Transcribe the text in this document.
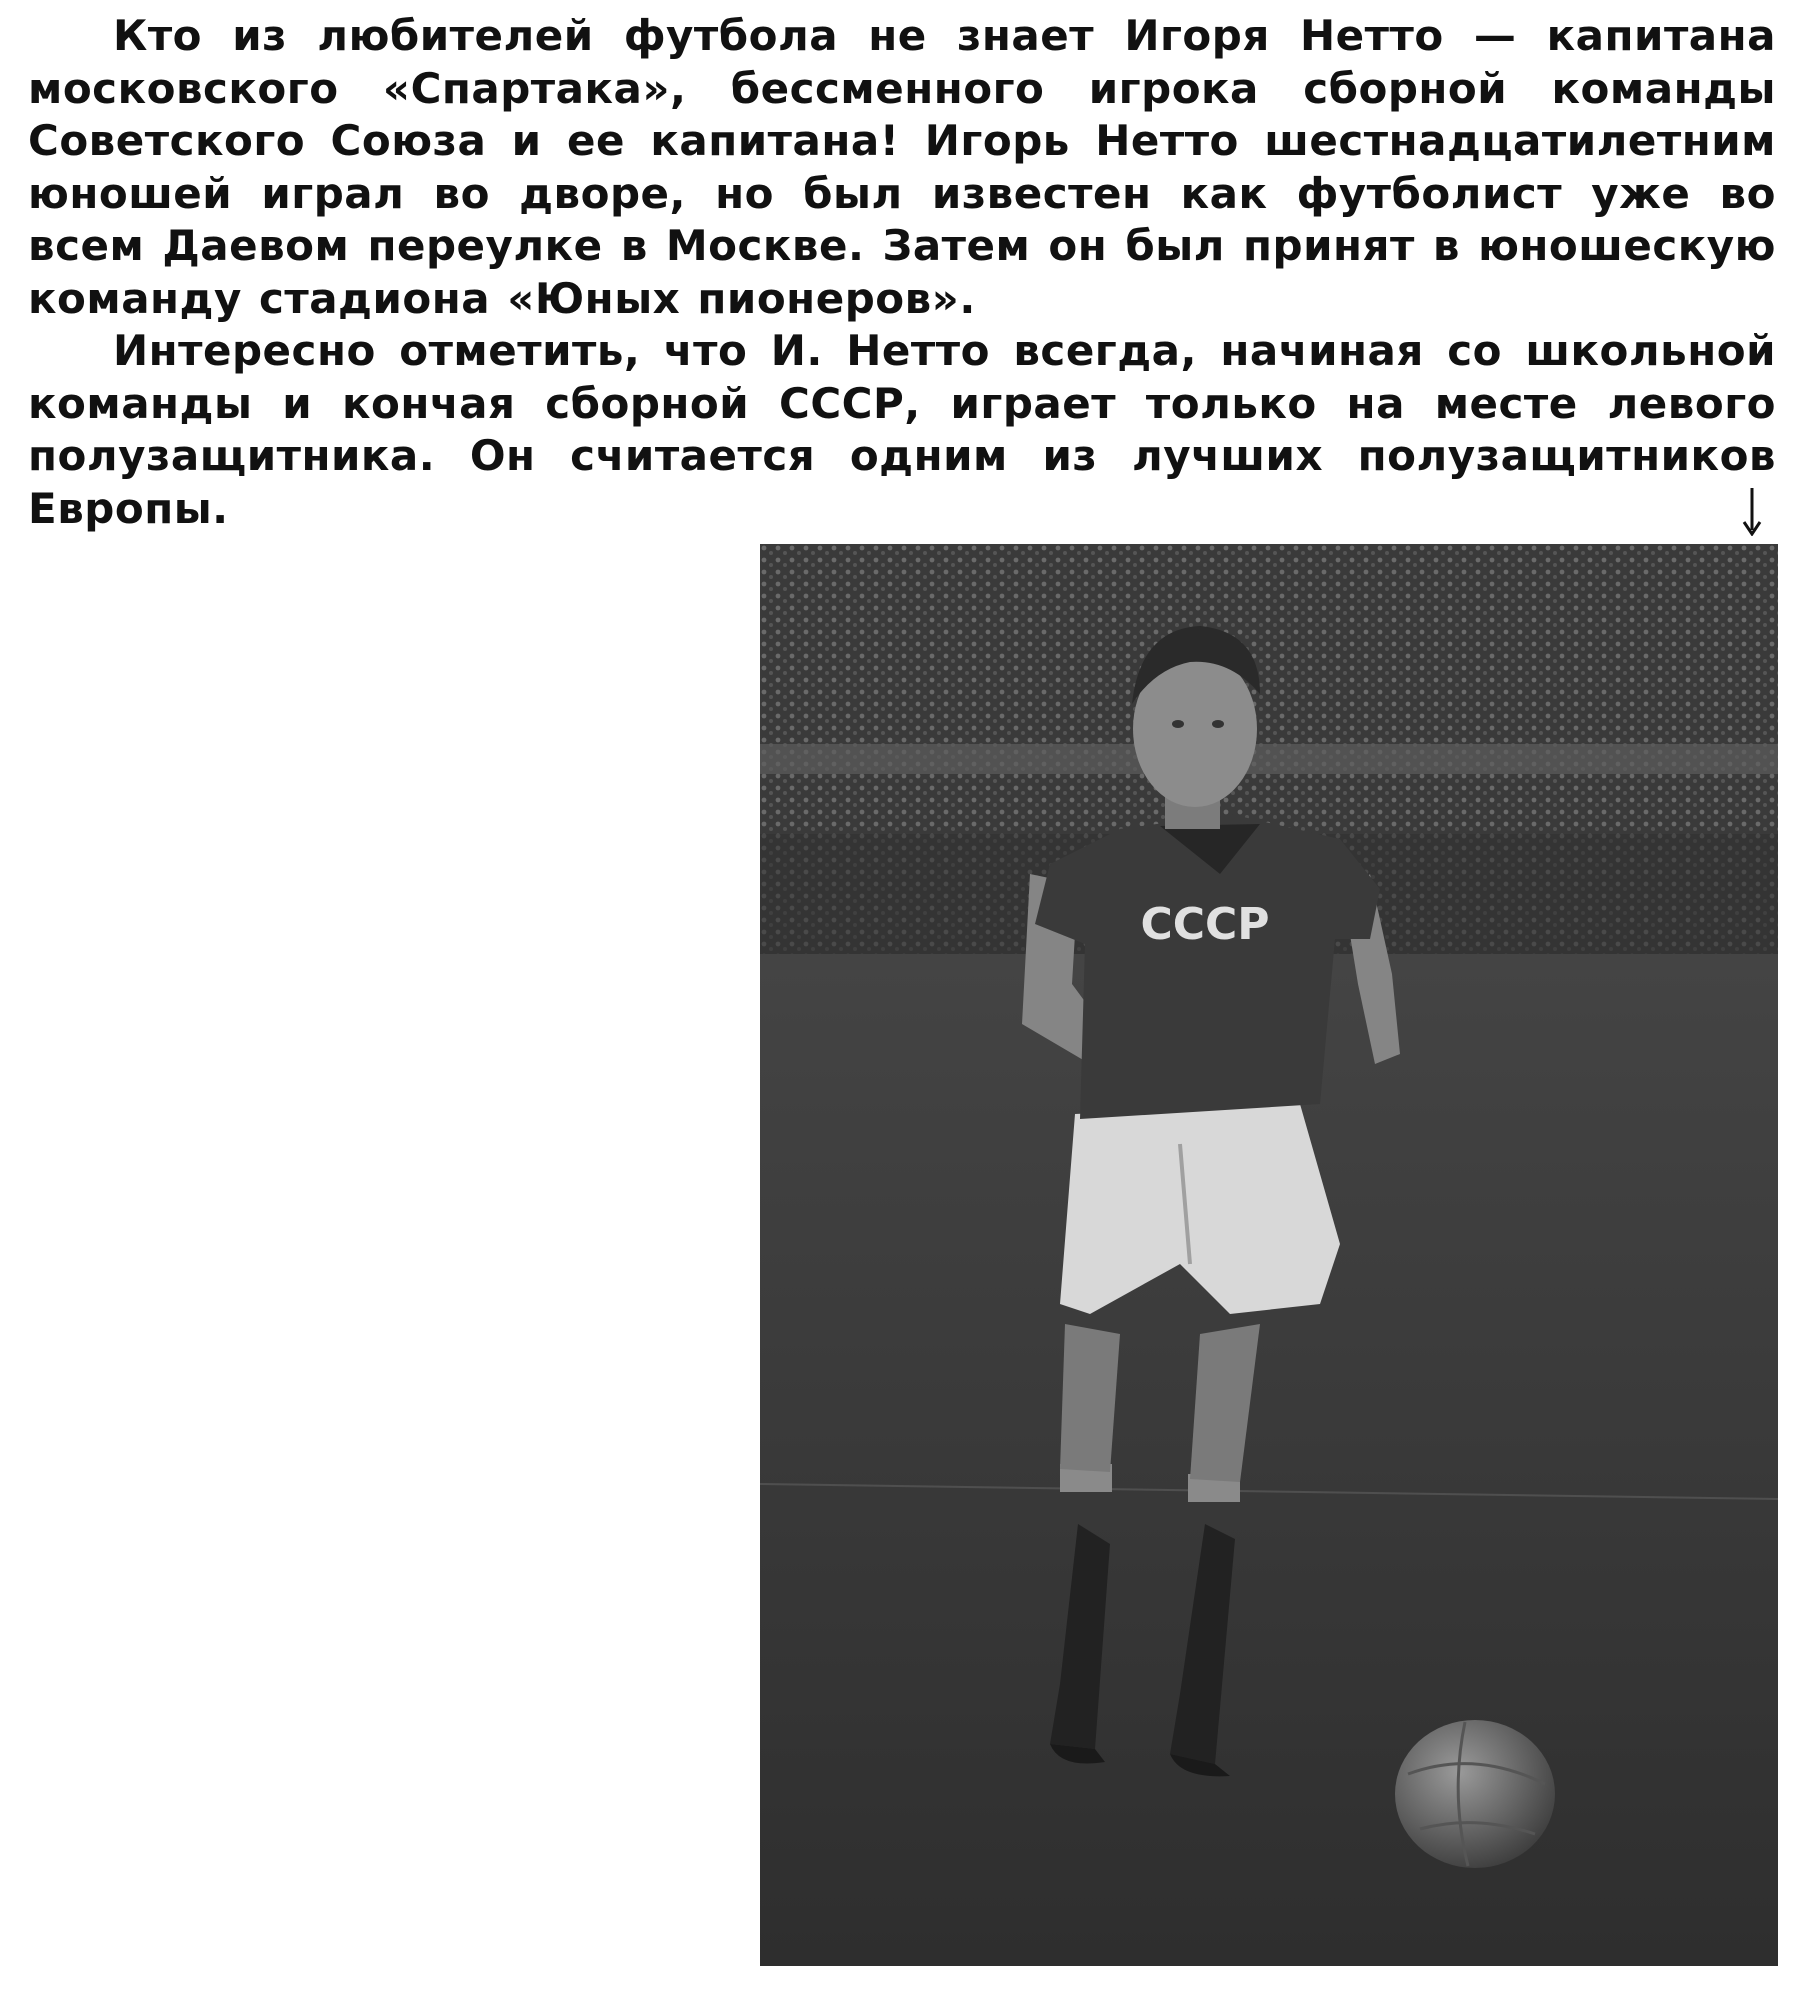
Кто из любителей футбола не знает Игоря Нетто — капитана московского «Спартака», бессменного игрока сборной команды Советского Союза и ее капитана! Игорь Нетто шестнадцатилетним юношей играл во дворе, но был известен как футболист уже во всем Даевом переулке в Москве. Затем он был принят в юношескую команду стадиона «Юных пионеров».

Интересно отметить, что И. Нетто всегда, начиная со школьной команды и кончая сборной СССР, играет только на месте левого полузащитника. Он считается одним из лучших полузащитников Европы.

СССР
